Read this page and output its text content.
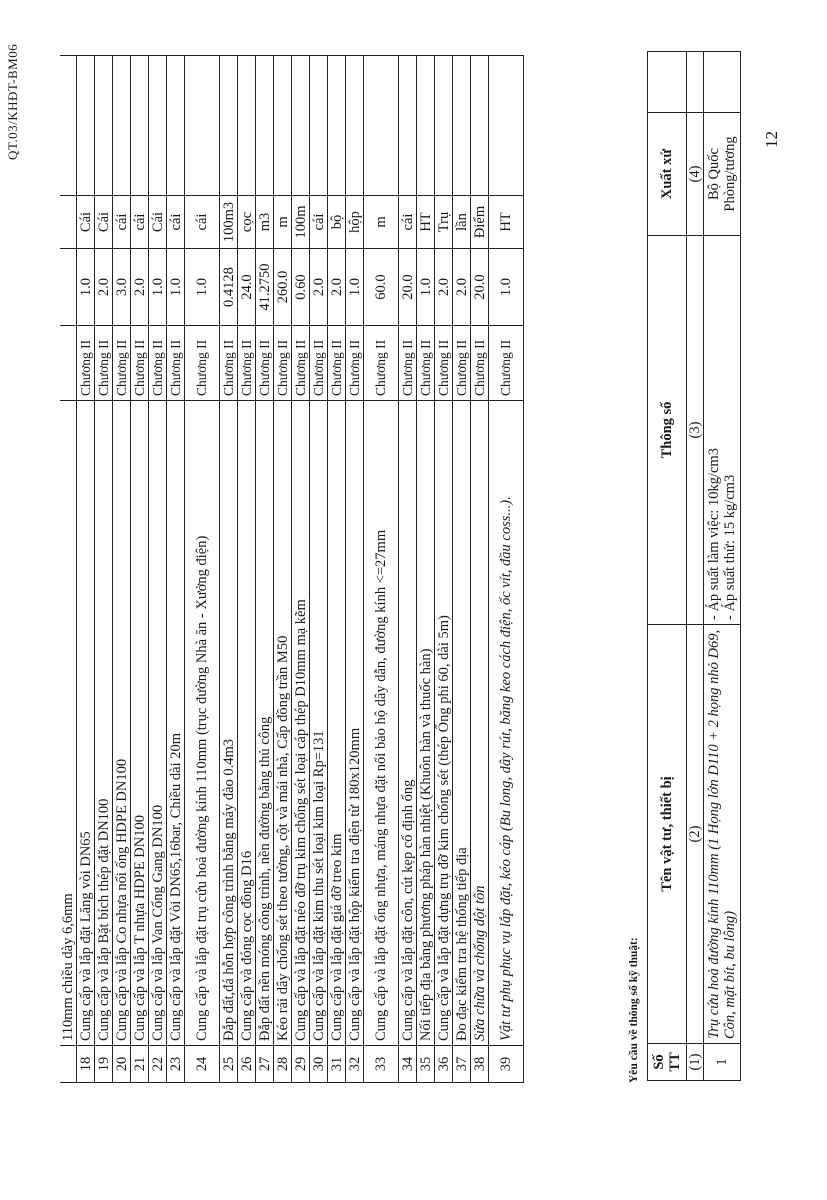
QT.03/KHĐT-BM06
	110mm chiều dày 6,6mm				
18	Cung cấp và lắp đặt Lăng vòi DN65	Chương II	1.0	Cái	
19	Cung cấp và lắp Bặt bích thép đặt DN100	Chương II	2.0	Cái	
20	Cung cấp và lắp Co nhựa nối ống HDPE DN100	Chương II	3.0	cái	
21	Cung cấp và lắp T nhựa HDPE DN100	Chương II	2.0	cái	
22	Cung cấp và lắp Van Cổng Gang DN100	Chương II	1.0	Cái	
23	Cung cấp và lắp đặt Vòi DN65,16bar, Chiều dài 20m	Chương II	1.0	cái	
24	Cung cấp và lắp đặt trụ cứu hoả đường kính 110mm (trục đường Nhà ăn - Xưởng điện)	Chương II	1.0	cái	
25	Đắp đất,đá hỗn hợp công trình bằng máy đào 0.4m3	Chương II	0.4128	100m3	
26	Cung cấp và đóng cọc đồng D16	Chương II	24.0	cọc	
27	Đắp đất nền móng công trình, nền đường bằng thủ công	Chương II	41.2750	m3	
28	Kéo rải dây chống sét theo tường, cột và mái nhà, Cấp đồng trần M50	Chương II	260.0	m	
29	Cung cấp và lắp đặt néo đỡ trụ kim chống sét loại cáp thép D10mm mạ kẽm	Chương II	0.60	100m	
30	Cung cấp và lắp đặt kim thu sét loại kim loại Rp=131	Chương II	2.0	cái	
31	Cung cấp và lắp đặt giá đỡ treo kim	Chương II	2.0	bộ	
32	Cung cấp và lắp đặt hộp kiểm tra điện từ 180x120mm	Chương II	1.0	hộp	
33	Cung cấp và lắp đặt ống nhựa, máng nhựa đặt nổi bảo hộ dây dẫn, đường kính <=27mm	Chương II	60.0	m	
34	Cung cấp và lắp đặt côn, cút kẹp cố định ống	Chương II	20.0	cái	
35	Nối tiếp địa bằng phương pháp hàn nhiệt (Khuôn hàn và thuốc hàn)	Chương II	1.0	HT	
36	Cung cấp và lắp đặt dựng trụ đỡ kim chống sét (thép Ống phi 60, dài 5m)	Chương II	2.0	Trụ	
37	Đo đạc kiểm tra hệ thống tiếp địa	Chương II	2.0	lần	
38	Sửa chữa và chống dột tôn	Chương II	20.0	Điểm	
39	Vật tư phụ phục vụ lắp đặt, kéo cáp (Bu long, dây rút, băng keo cách điện, ốc vít, đầu coss...).	Chương II	1.0	HT	
Yêu cầu về thông số kỹ thuật: Số TT	Tên vật tư, thiết bị	Thông số	Xuất xứ	
(1)	(2)	(3)	(4)	
1	Trụ cứu hoả đường kính 110mm (1 Họng lớn D110 + 2 họng nhỏ D69, Côn, mặt bít, bu lông)	- Áp suất làm việc: 10kg/cm3 - Áp suất thử: 15 kg/cm3	Bộ Quốc Phòng/tương	12
